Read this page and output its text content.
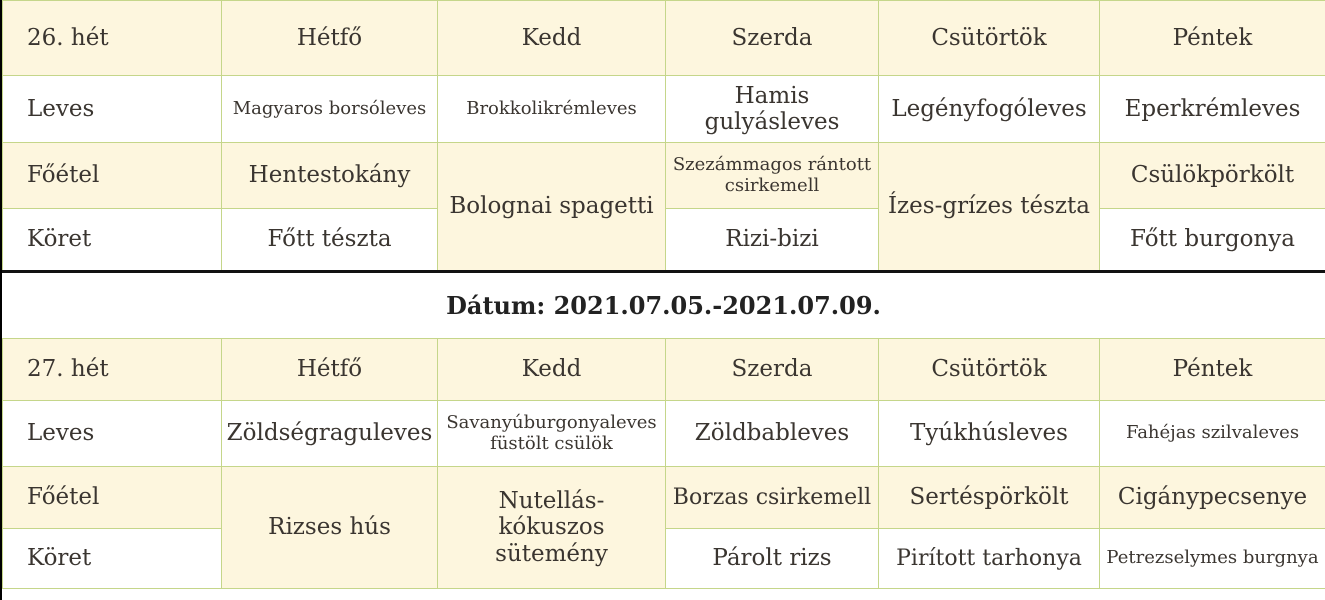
26. hét	Hétfő	Kedd	Szerda	Csütörtök	Péntek
Leves	Magyaros borsóleves	Brokkolikrémleves	Hamis gulyásleves	Legényfogóleves	Eperkrémleves
Főétel	Hentestokány	Bolognai spagetti	Szezámmagos rántott csirkemell	Ízes-grízes tészta	Csülökpörkölt
Köret	Főtt tészta		Rizi-bizi		Főtt burgonya
Dátum: 2021.07.05.-2021.07.09.
27. hét	Hétfő	Kedd	Szerda	Csütörtök	Péntek
Leves	Zöldségraguleves	Savanyúburgonyaleves füstölt csülök	Zöldbableves	Tyúkhúsleves	Fahéjas szilvaleves
Főétel	Rizses hús	Nutellás-kókuszos sütemény	Borzas csirkemell	Sertéspörkölt	Cigánypecsenye
Köret			Párolt rizs	Pirított tarhonya	Petrezselymes burgnya
